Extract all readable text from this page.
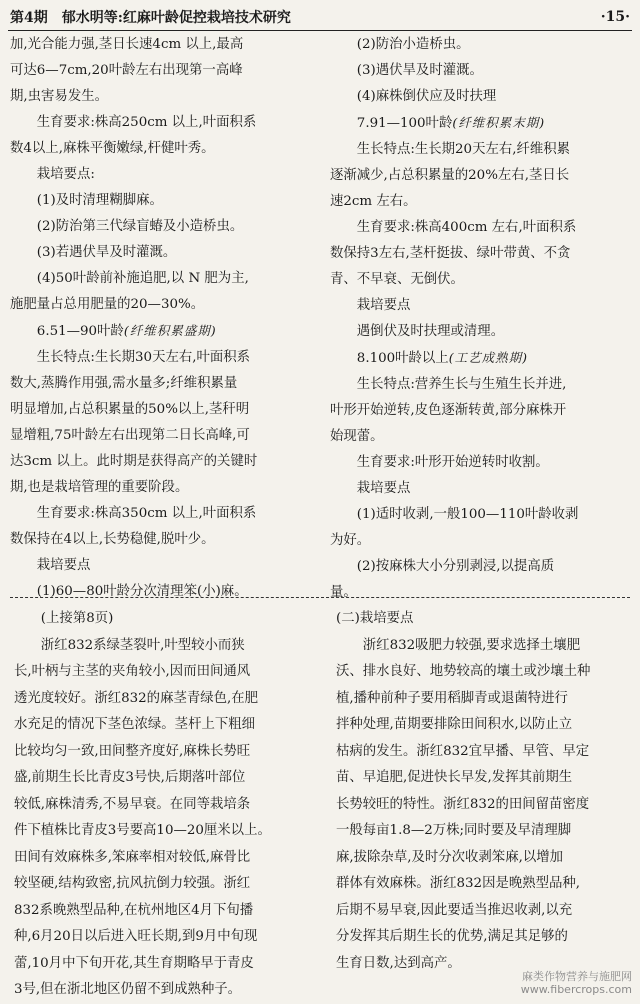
第4期 郁水明等:红麻叶龄促控栽培技术研究	·15·

加,光合能力强,茎日长速4cm 以上,最高

可达6—7cm,20叶龄左右出现第一高峰

期,虫害易发生。

生育要求:株高250cm 以上,叶面积系

数4以上,麻株平衡嫩绿,杆健叶秀。

栽培要点:

(1)及时清理糊脚麻。

(2)防治第三代绿盲蝽及小造桥虫。

(3)若遇伏旱及时灌溉。

(4)50叶龄前补施追肥,以 N 肥为主,

施肥量占总用肥量的20—30%。

6.51—90叶龄(纤维积累盛期)

生长特点:生长期30天左右,叶面积系

数大,蒸腾作用强,需水量多;纤维积累量

明显增加,占总积累量的50%以上,茎秆明

显增粗,75叶龄左右出现第二日长高峰,可

达3cm 以上。此时期是获得高产的关键时

期,也是栽培管理的重要阶段。

生育要求:株高350cm 以上,叶面积系

数保持在4以上,长势稳健,脱叶少。

栽培要点

(1)60—80叶龄分次清理笨(小)麻。

(2)防治小造桥虫。

(3)遇伏旱及时灌溉。

(4)麻株倒伏应及时扶理

7.91—100叶龄(纤维积累末期)

生长特点:生长期20天左右,纤维积累

逐渐减少,占总积累量的20%左右,茎日长

速2cm 左右。

生育要求:株高400cm 左右,叶面积系

数保持3左右,茎杆挺拔、绿叶带黄、不贪

青、不早衰、无倒伏。

栽培要点

遇倒伏及时扶理或清理。

8.100叶龄以上(工艺成熟期)

生长特点:营养生长与生殖生长并进,

叶形开始逆转,皮色逐渐转黄,部分麻株开

始现蕾。

生育要求:叶形开始逆转时收割。

栽培要点

(1)适时收剥,一般100—110叶龄收剥

为好。

(2)按麻株大小分别剥浸,以提高质

量。

(上接第8页)

浙红832系绿茎裂叶,叶型较小而狭

长,叶柄与主茎的夹角较小,因而田间通风

透光度较好。浙红832的麻茎青绿色,在肥

水充足的情况下茎色浓绿。茎杆上下粗细

比较均匀一致,田间整齐度好,麻株长势旺

盛,前期生长比青皮3号快,后期落叶部位

较低,麻株清秀,不易早衰。在同等栽培条

件下植株比青皮3号要高10—20厘米以上。

田间有效麻株多,笨麻率相对较低,麻骨比

较坚硬,结构致密,抗风抗倒力较强。浙红

832系晚熟型品种,在杭州地区4月下旬播

种,6月20日以后进入旺长期,到9月中旬现

蕾,10月中下旬开花,其生育期略早于青皮

3号,但在浙北地区仍留不到成熟种子。

(二)栽培要点

浙红832吸肥力较强,要求选择土壤肥

沃、排水良好、地势较高的壤土或沙壤土种

植,播种前种子要用稻脚青或退菌特进行

拌种处理,苗期要排除田间积水,以防止立

枯病的发生。浙红832宜早播、早管、早定

苗、早追肥,促进快长早发,发挥其前期生

长势较旺的特性。浙红832的田间留苗密度

一般每亩1.8—2万株;同时要及早清理脚

麻,拔除杂草,及时分次收剥笨麻,以增加

群体有效麻株。浙红832因是晚熟型品种,

后期不易早衰,因此要适当推迟收剥,以充

分发挥其后期生长的优势,满足其足够的

生育日数,达到高产。

麻类作物营养与施肥网
www.fibercrops.com
